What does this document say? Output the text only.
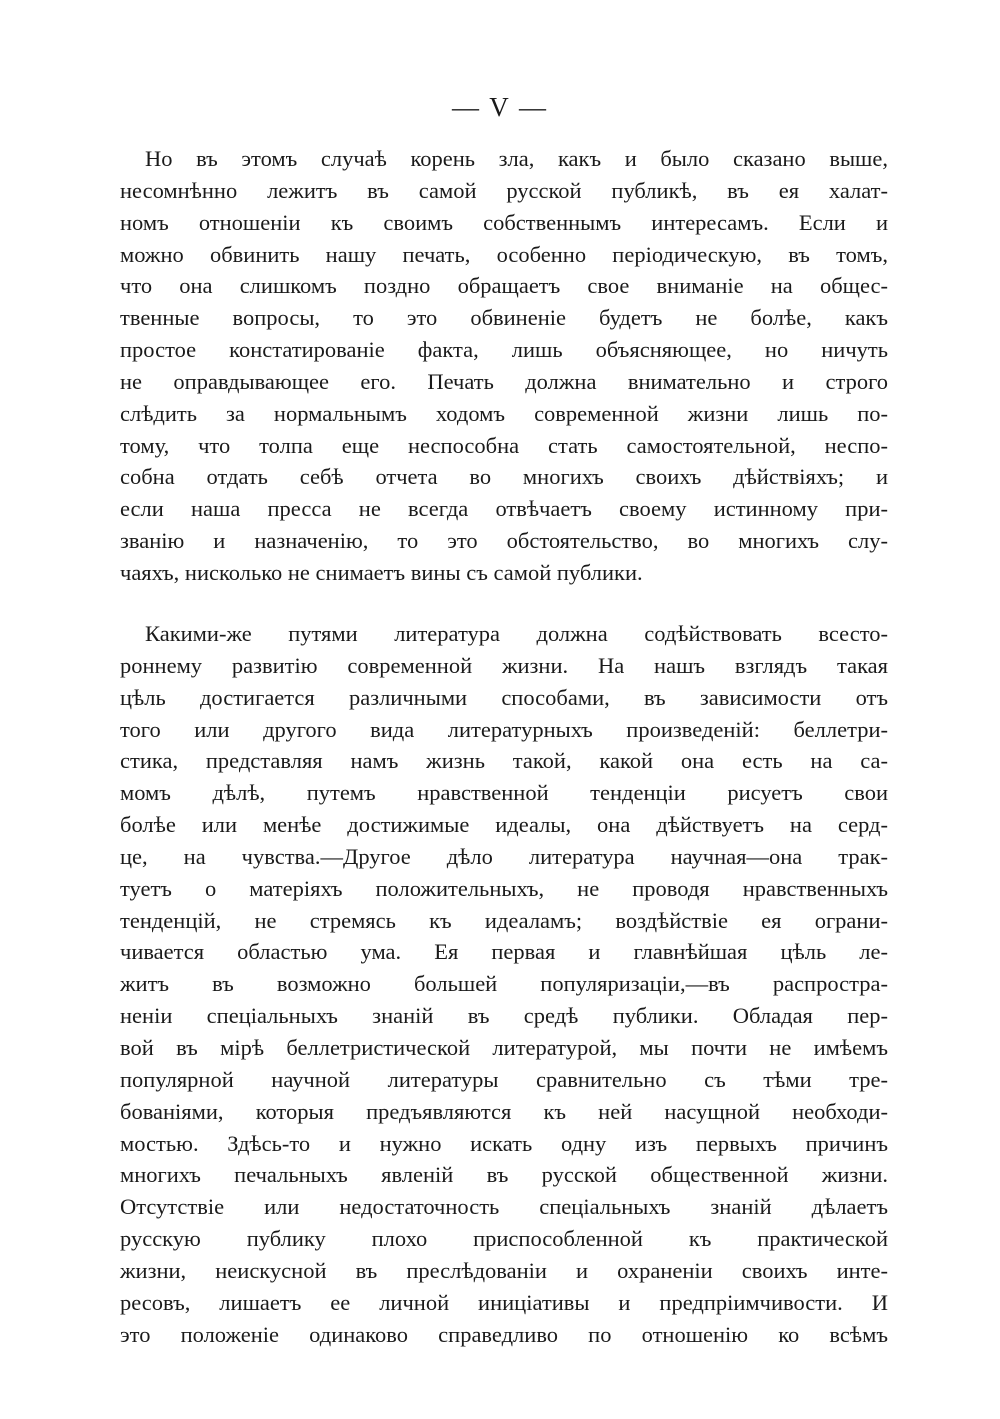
— V —
Но въ этомъ случаѣ корень зла, какъ и было сказано выше,
несомнѣнно лежитъ въ самой русской публикѣ, въ ея халат-
номъ отношеніи къ своимъ собственнымъ интересамъ. Если и
можно обвинить нашу печать, особенно періодическую, въ томъ,
что она слишкомъ поздно обращаетъ свое вниманіе на общес-
твенные вопросы, то это обвиненіе будетъ не болѣе, какъ
простое констатированіе факта, лишь объясняющее, но ничуть
не оправдывающее его. Печать должна внимательно и строго
слѣдить за нормальнымъ ходомъ современной жизни лишь по-
тому, что толпа еще неспособна стать самостоятельной, неспо-
собна отдать себѣ отчета во многихъ своихъ дѣйствіяхъ; и
если наша пресса не всегда отвѣчаетъ своему истинному при-
званію и назначенію, то это обстоятельство, во многихъ слу-
чаяхъ, нисколько не снимаетъ вины съ самой публики.
Какими-же путями литература должна содѣйствовать всесто-
роннему развитію современной жизни. На нашъ взглядъ такая
цѣль достигается различными способами, въ зависимости отъ
того или другого вида литературныхъ произведеній: беллетри-
стика, представляя намъ жизнь такой, какой она есть на са-
момъ дѣлѣ, путемъ нравственной тенденціи рисуетъ свои
болѣе или менѣе достижимые идеалы, она дѣйствуетъ на серд-
це, на чувства.—Другое дѣло литература научная—она трак-
туетъ о матеріяхъ положительныхъ, не проводя нравственныхъ
тенденцій, не стремясь къ идеаламъ; воздѣйствіе ея ограни-
чивается областью ума. Ея первая и главнѣйшая цѣль ле-
житъ въ возможно большей популяризаціи,—въ распростра-
неніи спеціальныхъ знаній въ средѣ публики. Обладая пер-
вой въ мірѣ беллетристической литературой, мы почти не имѣемъ
популярной научной литературы сравнительно съ тѣми тре-
бованіями, которыя предъявляются къ ней насущной необходи-
мостью. Здѣсь-то и нужно искать одну изъ первыхъ причинъ
многихъ печальныхъ явленій въ русской общественной жизни.
Отсутствіе или недостаточность спеціальныхъ знаній дѣлаетъ
русскую публику плохо приспособленной къ практической
жизни, неискусной въ преслѣдованіи и охраненіи своихъ инте-
ресовъ, лишаетъ ее личной иниціативы и предпріимчивости. И
это положеніе одинаково справедливо по отношенію ко всѣмъ
